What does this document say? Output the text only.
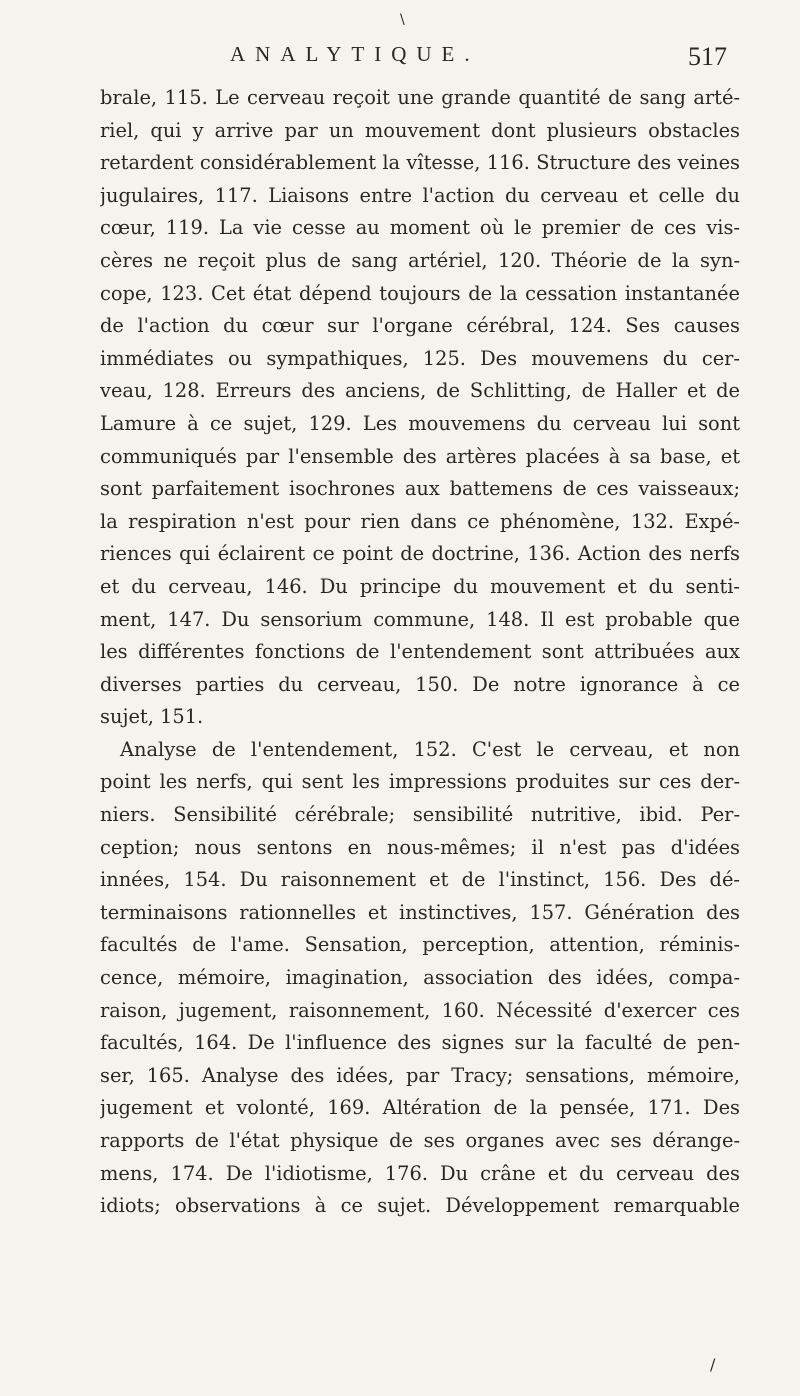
\
ANALYTIQUE.	517
brale, 115. Le cerveau reçoit une grande quantité de sang arté-
riel, qui y arrive par un mouvement dont plusieurs obstacles
retardent considérablement la vîtesse, 116. Structure des veines
jugulaires, 117. Liaisons entre l'action du cerveau et celle du
cœur, 119. La vie cesse au moment où le premier de ces vis-
cères ne reçoit plus de sang artériel, 120. Théorie de la syn-
cope, 123. Cet état dépend toujours de la cessation instantanée
de l'action du cœur sur l'organe cérébral, 124. Ses causes
immédiates ou sympathiques, 125. Des mouvemens du cer-
veau, 128. Erreurs des anciens, de Schlitting, de Haller et de
Lamure à ce sujet, 129. Les mouvemens du cerveau lui sont
communiqués par l'ensemble des artères placées à sa base, et
sont parfaitement isochrones aux battemens de ces vaisseaux;
la respiration n'est pour rien dans ce phénomène, 132. Expé-
riences qui éclairent ce point de doctrine, 136. Action des nerfs
et du cerveau, 146. Du principe du mouvement et du senti-
ment, 147. Du sensorium commune, 148. Il est probable que
les différentes fonctions de l'entendement sont attribuées aux
diverses parties du cerveau, 150. De notre ignorance à ce
sujet, 151.
Analyse de l'entendement, 152. C'est le cerveau, et non
point les nerfs, qui sent les impressions produites sur ces der-
niers. Sensibilité cérébrale; sensibilité nutritive, ibid. Per-
ception; nous sentons en nous-mêmes; il n'est pas d'idées
innées, 154. Du raisonnement et de l'instinct, 156. Des dé-
terminaisons rationnelles et instinctives, 157. Génération des
facultés de l'ame. Sensation, perception, attention, réminis-
cence, mémoire, imagination, association des idées, compa-
raison, jugement, raisonnement, 160. Nécessité d'exercer ces
facultés, 164. De l'influence des signes sur la faculté de pen-
ser, 165. Analyse des idées, par Tracy; sensations, mémoire,
jugement et volonté, 169. Altération de la pensée, 171. Des
rapports de l'état physique de ses organes avec ses dérange-
mens, 174. De l'idiotisme, 176. Du crâne et du cerveau des
idiots; observations à ce sujet. Développement remarquable
/
